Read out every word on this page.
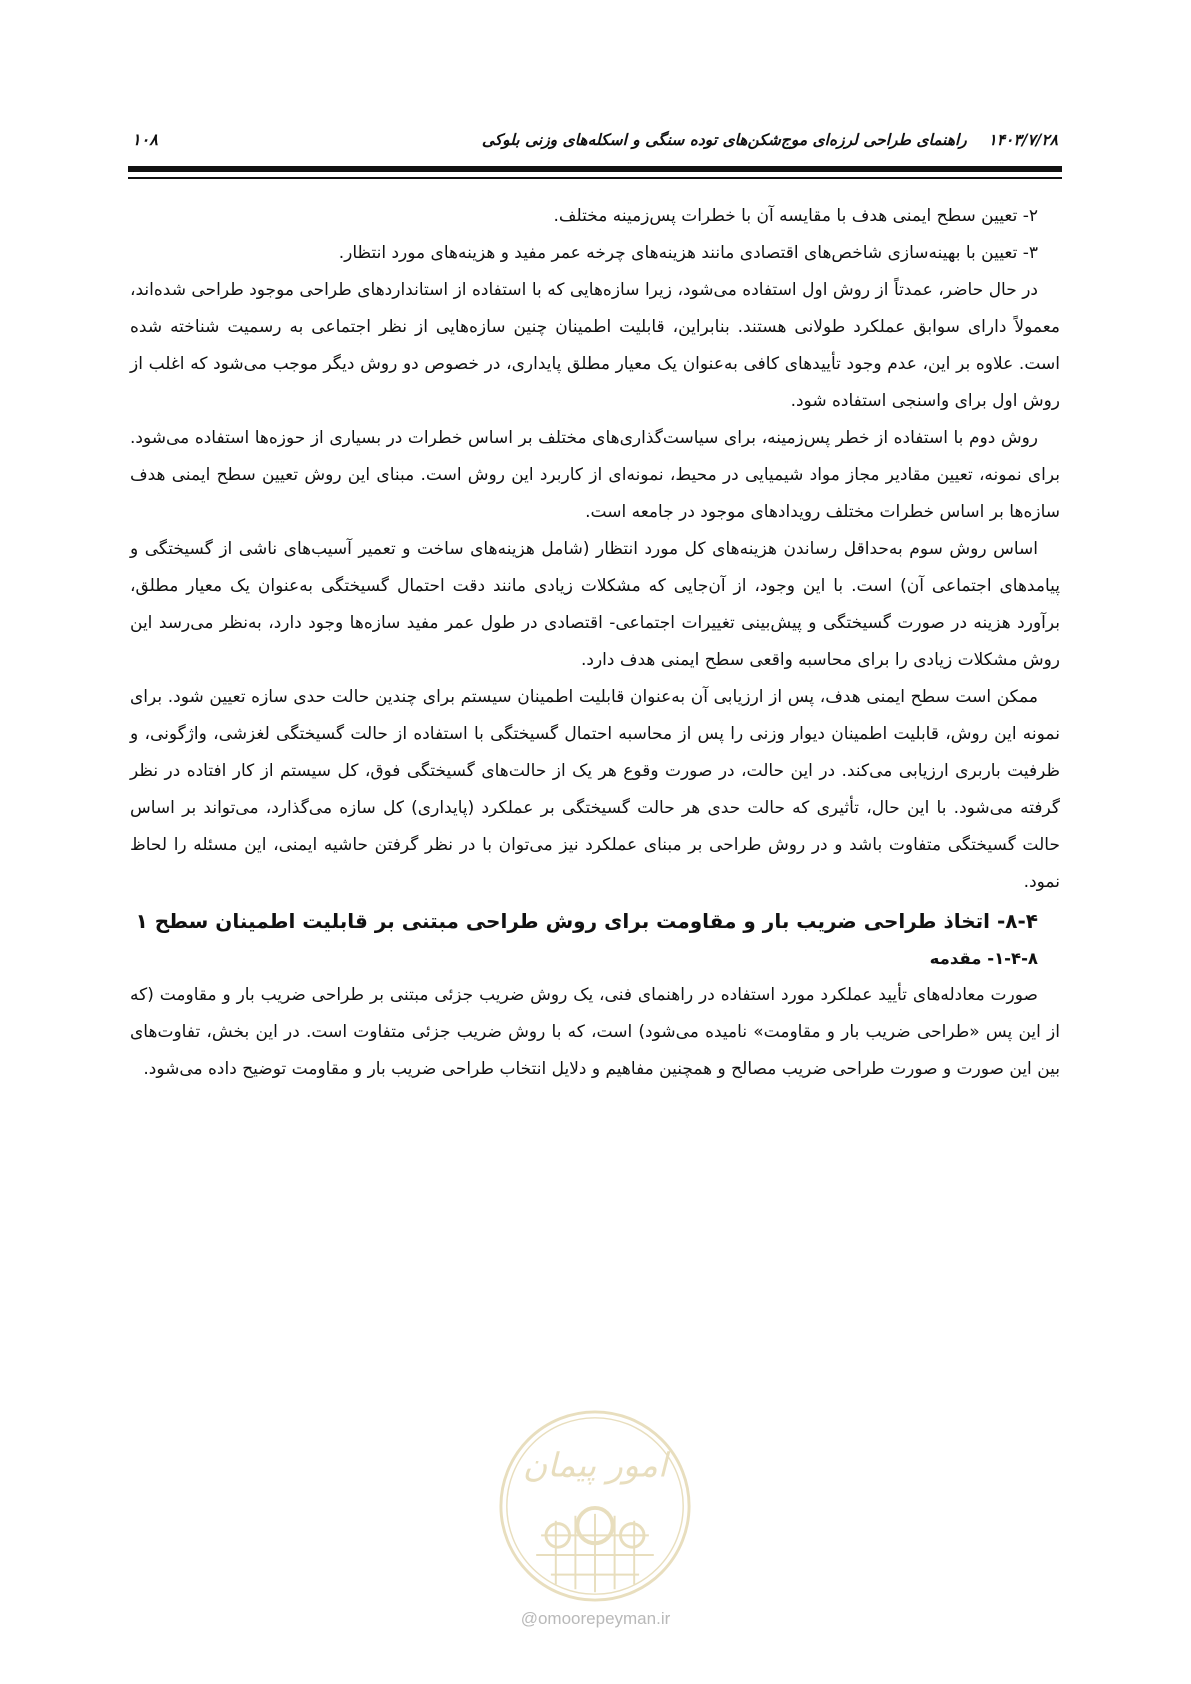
۱۴۰۳/۷/۲۸    راهنمای طراحی لرزه‌ای موج‌شکن‌های توده سنگی و اسکله‌های وزنی بلوکی
۱۰۸

۲- تعیین سطح ایمنی هدف با مقایسه آن با خطرات پس‌زمینه مختلف.

۳- تعیین با بهینه‌سازی شاخص‌های اقتصادی مانند هزینه‌های چرخه عمر مفید و هزینه‌های مورد انتظار.

در حال حاضر، عمدتاً از روش اول استفاده می‌شود، زیرا سازه‌هایی که با استفاده از استانداردهای طراحی موجود طراحی شده‌اند، معمولاً دارای سوابق عملکرد طولانی هستند. بنابراین، قابلیت اطمینان چنین سازه‌هایی از نظر اجتماعی به رسمیت شناخته شده است. علاوه بر این، عدم وجود تأییدهای کافی به‌عنوان یک معیار مطلق پایداری، در خصوص دو روش دیگر موجب می‌شود که اغلب از روش اول برای واسنجی استفاده شود.

روش دوم با استفاده از خطر پس‌زمینه، برای سیاست‌گذاری‌های مختلف بر اساس خطرات در بسیاری از حوزه‌ها استفاده می‌شود. برای نمونه، تعیین مقادیر مجاز مواد شیمیایی در محیط، نمونه‌ای از کاربرد این روش است. مبنای این روش تعیین سطح ایمنی هدف سازه‌ها بر اساس خطرات مختلف رویدادهای موجود در جامعه است.

اساس روش سوم به‌حداقل رساندن هزینه‌های کل مورد انتظار (شامل هزینه‌های ساخت و تعمیر آسیب‌های ناشی از گسیختگی و پیامدهای اجتماعی آن) است. با این وجود، از آن‌جایی که مشکلات زیادی مانند دقت احتمال گسیختگی به‌عنوان یک معیار مطلق، برآورد هزینه در صورت گسیختگی و پیش‌بینی تغییرات اجتماعی- اقتصادی در طول عمر مفید سازه‌ها وجود دارد، به‌نظر می‌رسد این روش مشکلات زیادی را برای محاسبه واقعی سطح ایمنی هدف دارد.

ممکن است سطح ایمنی هدف، پس از ارزیابی آن به‌عنوان قابلیت اطمینان سیستم برای چندین حالت حدی سازه تعیین شود. برای نمونه این روش، قابلیت اطمینان دیوار وزنی را پس از محاسبه احتمال گسیختگی با استفاده از حالت گسیختگی لغزشی، واژگونی، و ظرفیت باربری ارزیابی می‌کند. در این حالت، در صورت وقوع هر یک از حالت‌های گسیختگی فوق، کل سیستم از کار افتاده در نظر گرفته می‌شود. با این حال، تأثیری که حالت حدی هر حالت گسیختگی بر عملکرد (پایداری) کل سازه می‌گذارد، می‌تواند بر اساس حالت گسیختگی متفاوت باشد و در روش طراحی بر مبنای عملکرد نیز می‌توان با در نظر گرفتن حاشیه ایمنی، این مسئله را لحاظ نمود.

۸-۴- اتخاذ طراحی ضریب بار و مقاومت برای روش طراحی مبتنی بر قابلیت اطمینان سطح ۱

۱-۴-۸- مقدمه

صورت معادله‌های تأیید عملکرد مورد استفاده در راهنمای فنی، یک روش ضریب جزئی مبتنی بر طراحی ضریب بار و مقاومت (که از این پس «طراحی ضریب بار و مقاومت» نامیده می‌شود) است، که با روش ضریب جزئی متفاوت است. در این بخش، تفاوت‌های بین این صورت و صورت طراحی ضریب مصالح و همچنین مفاهیم و دلایل انتخاب طراحی ضریب بار و مقاومت توضیح داده می‌شود.

امور پیمان
@omoorepeyman.ir
